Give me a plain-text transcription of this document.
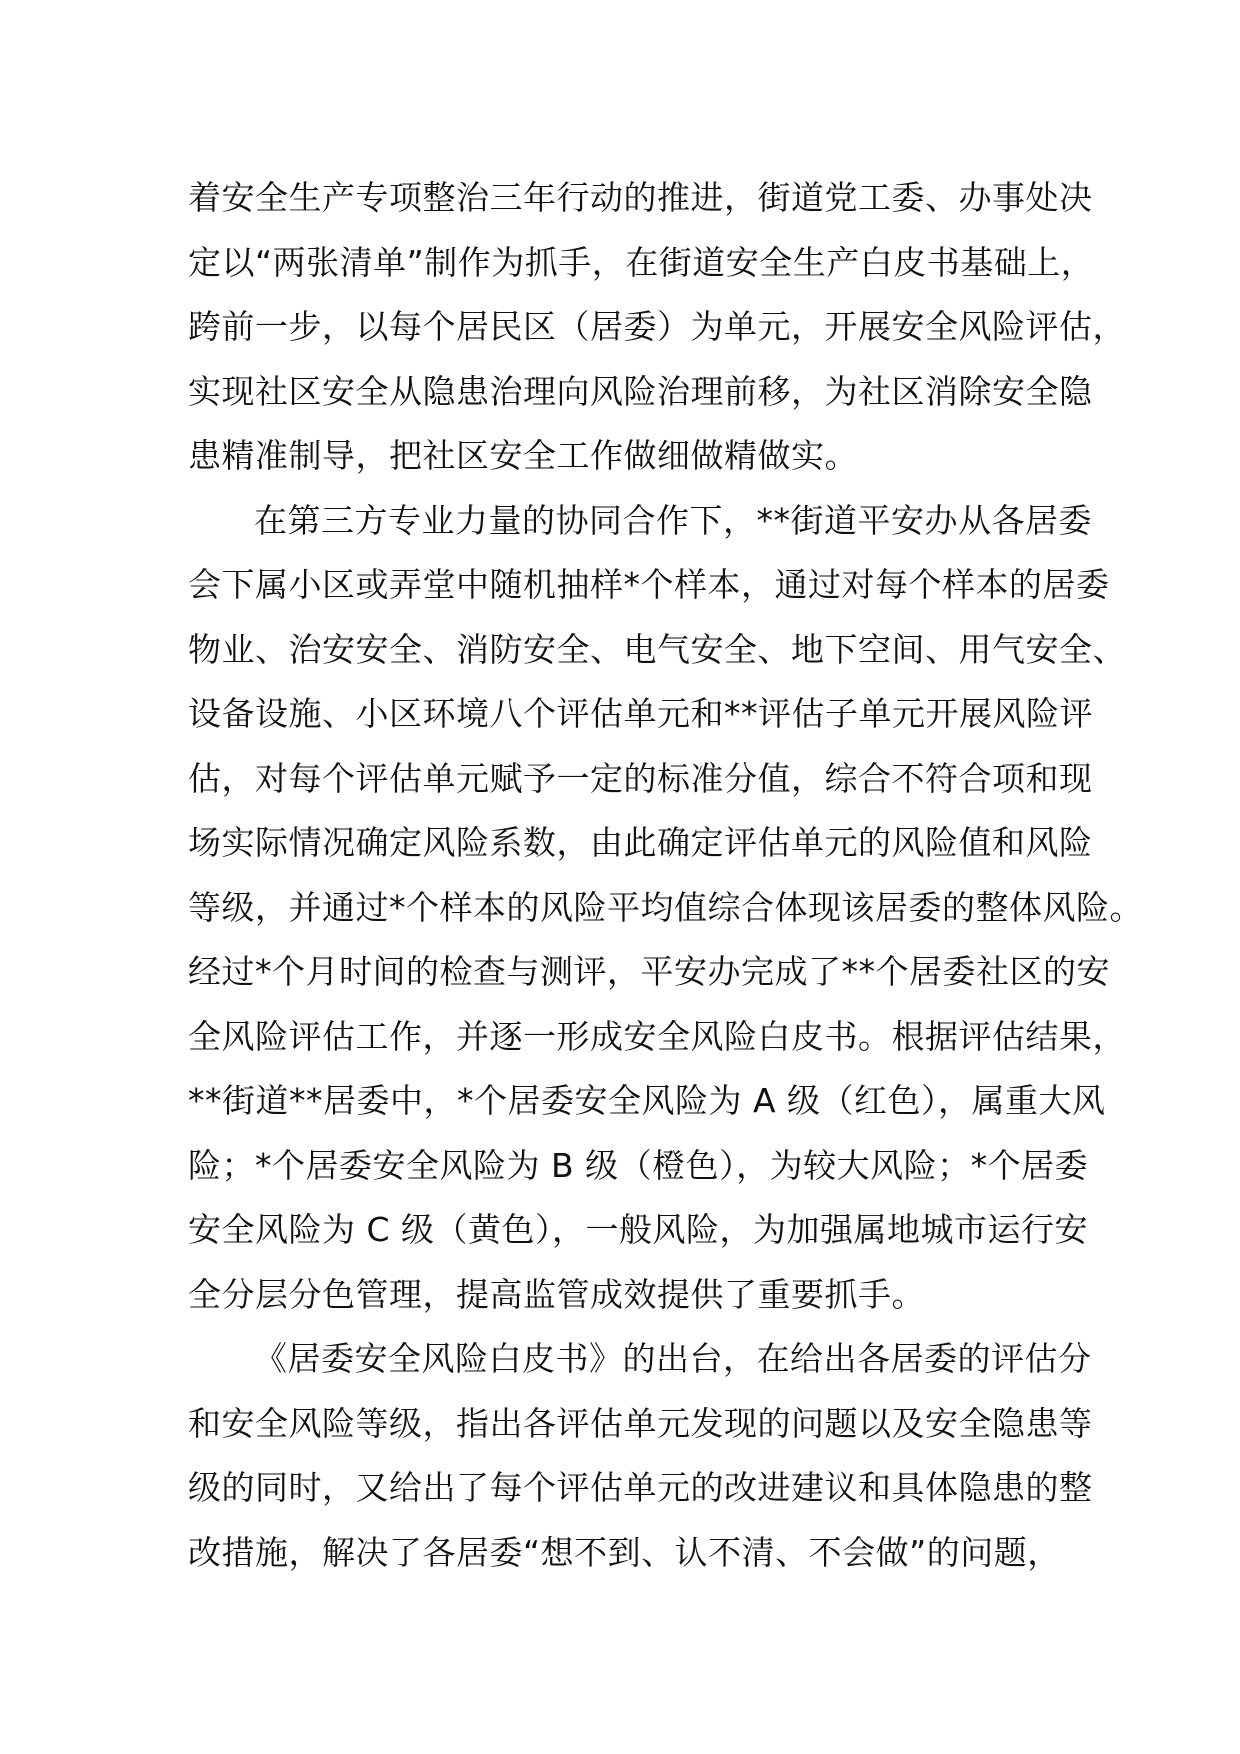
着安全生产专项整治三年行动的推进，街道党工委、办事处决
定以“两张清单”制作为抓手，在街道安全生产白皮书基础上，
跨前一步，以每个居民区（居委）为单元，开展安全风险评估，
实现社区安全从隐患治理向风险治理前移，为社区消除安全隐
患精准制导，把社区安全工作做细做精做实。
在第三方专业力量的协同合作下，**街道平安办从各居委
会下属小区或弄堂中随机抽样*个样本，通过对每个样本的居委
物业、治安安全、消防安全、电气安全、地下空间、用气安全、
设备设施、小区环境八个评估单元和**评估子单元开展风险评
估，对每个评估单元赋予一定的标准分值，综合不符合项和现
场实际情况确定风险系数，由此确定评估单元的风险值和风险
等级，并通过*个样本的风险平均值综合体现该居委的整体风险。
经过*个月时间的检查与测评，平安办完成了**个居委社区的安
全风险评估工作，并逐一形成安全风险白皮书。根据评估结果，
**街道**居委中，*个居委安全风险为 A 级（红色），属重大风
险；*个居委安全风险为 B 级（橙色），为较大风险；*个居委
安全风险为 C 级（黄色），一般风险，为加强属地城市运行安
全分层分色管理，提高监管成效提供了重要抓手。
《居委安全风险白皮书》的出台，在给出各居委的评估分
和安全风险等级，指出各评估单元发现的问题以及安全隐患等
级的同时，又给出了每个评估单元的改进建议和具体隐患的整
改措施，解决了各居委“想不到、认不清、不会做”的问题，
